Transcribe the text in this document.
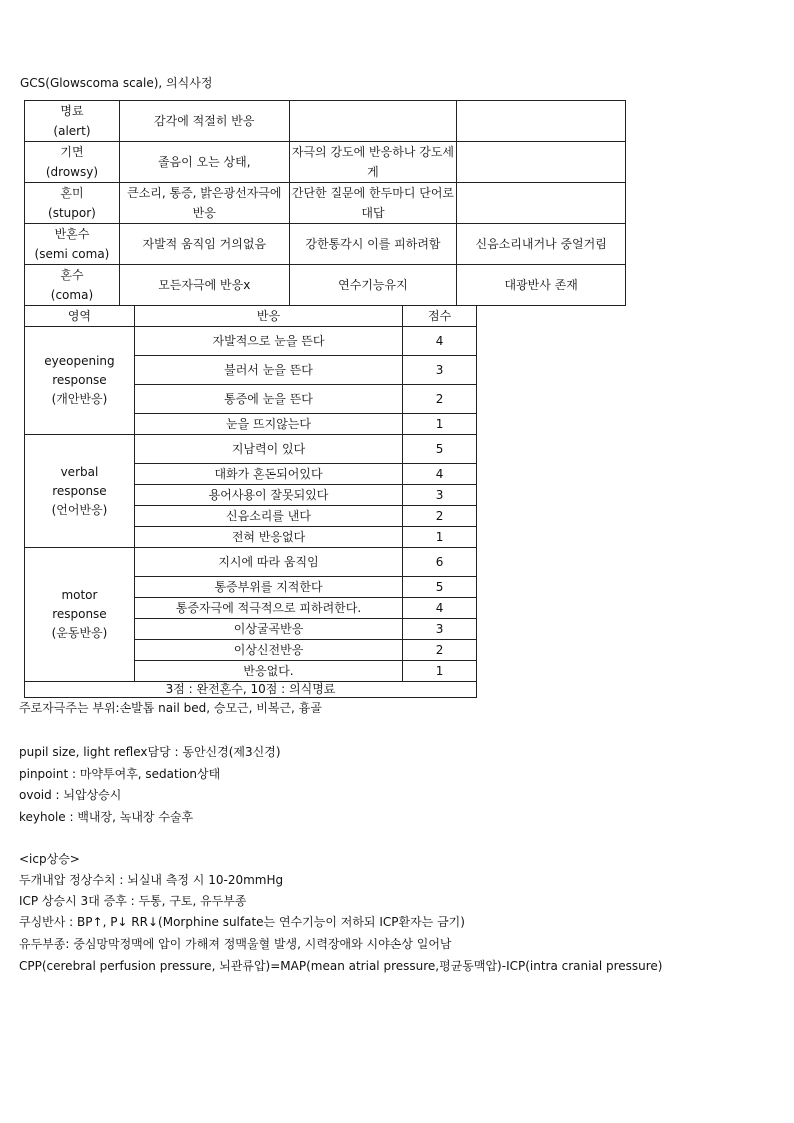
GCS(Glowscoma scale), 의식사정
명료
(alert)	감각에 적절히 반응		

기면
(drowsy)	졸음이 오는 상태,	자극의 강도에 반응하나 강도세게	

혼미
(stupor)	큰소리, 통증, 밝은광선자극에 반응	간단한 질문에 한두마디 단어로 대답	

반혼수
(semi coma)	자발적 움직임 거의없음	강한통각시 이를 피하려함	신음소리내거나 중얼거림

혼수
(coma)	모든자극에 반응x	연수기능유지	대광반사 존재
영역	반응	점수

eyeopening
response
(개안반응)	자발적으로 눈을 뜬다	4
	불러서 눈을 뜬다	3
	통증에 눈을 뜬다	2
	눈을 뜨지않는다	1

verbal
response
(언어반응)	지남력이 있다	5
	대화가 혼돈되어있다	4
	용어사용이 잘못되있다	3
	신음소리를 낸다	2
	전혀 반응없다	1

motor
response
(운동반응)	지시에 따라 움직임	6
	통증부위를 지적한다	5
	통증자극에 적극적으로 피하려한다.	4
	이상굴곡반응	3
	이상신전반응	2
	반응없다.	1
3점 : 완전혼수, 10점 : 의식명료		
주로자극주는 부위:손발톱 nail bed, 승모근, 비복근, 흉골
pupil size, light reflex담당 : 동안신경(제3신경)
pinpoint : 마약투여후, sedation상태
ovoid : 뇌압상승시
keyhole : 백내장, 녹내장 수술후
<icp상승>
두개내압 정상수치 : 뇌실내 측정 시 10-20mmHg
ICP 상승시 3대 증후 : 두통, 구토, 유두부종
쿠싱반사 : BP↑, P↓ RR↓(Morphine sulfate는 연수기능이 저하되 ICP환자는 금기)
유두부종: 중심망막정맥에 압이 가해져 정맥울혈 발생, 시력장애와 시야손상 일어남
CPP(cerebral perfusion pressure, 뇌관류압)=MAP(mean atrial pressure,평균동맥압)-ICP(intra cranial pressure)
